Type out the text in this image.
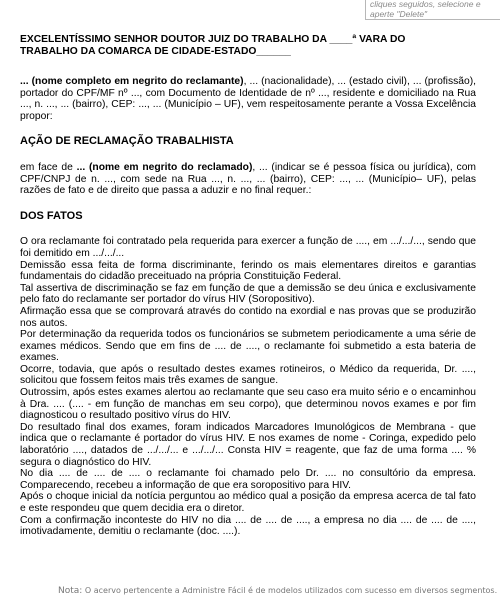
cliques seguidos, selecione e
aperte "Delete"

EXCELENTÍSSIMO SENHOR DOUTOR JUIZ DO TRABALHO DA ____ª VARA DO
TRABALHO DA COMARCA DE CIDADE-ESTADO______

... (nome completo em negrito do reclamante), ... (nacionalidade), ... (estado civil), ... (profissão), portador do CPF/MF nº ..., com Documento de Identidade de nº ..., residente e domiciliado na Rua ..., n. ..., ... (bairro), CEP: ..., ... (Município – UF), vem respeitosamente perante a Vossa Excelência propor:

AÇÃO DE RECLAMAÇÃO TRABALHISTA

em face de ... (nome em negrito do reclamado), ... (indicar se é pessoa física ou jurídica), com CPF/CNPJ de n. ..., com sede na Rua ..., n. ..., ... (bairro), CEP: ..., ... (Município– UF), pelas razões de fato e de direito que passa a aduzir e no final requer.:

DOS FATOS

O ora reclamante foi contratado pela requerida para exercer a função de ...., em .../.../..., sendo que foi demitido em .../.../...

Demissão essa feita de forma discriminante, ferindo os mais elementares direitos e garantias fundamentais do cidadão preceituado na própria Constituição Federal.

Tal assertiva de discriminação se faz em função de que a demissão se deu única e exclusivamente pelo fato do reclamante ser portador do vírus HIV (Soropositivo).

Afirmação essa que se comprovará através do contido na exordial e nas provas que se produzirão nos autos.

Por determinação da requerida todos os funcionários se submetem periodicamente a uma série de exames médicos. Sendo que em fins de .... de ...., o reclamante foi submetido a esta bateria de exames.

Ocorre, todavia, que após o resultado destes exames rotineiros, o Médico da requerida, Dr. ...., solicitou que fossem feitos mais três exames de sangue.

Outrossim, após estes exames alertou ao reclamante que seu caso era muito sério e o encaminhou à Dra. .... (.... - em função de manchas em seu corpo), que determinou novos exames e por fim diagnosticou o resultado positivo vírus do HIV.

Do resultado final dos exames, foram indicados Marcadores Imunológicos de Membrana - que indica que o reclamante é portador do vírus HIV. E nos exames de nome - Coringa, expedido pelo laboratório ...., datados de .../.../... e .../.../... Consta HIV = reagente, que faz de uma forma .... % segura o diagnóstico do HIV.

No dia .... de .... de .... o reclamante foi chamado pelo Dr. .... no consultório da empresa. Comparecendo, recebeu a informação de que era soropositivo para HIV.

Após o choque inicial da notícia perguntou ao médico qual a posição da empresa acerca de tal fato e este respondeu que quem decidia era o diretor.

Com a confirmação inconteste do HIV no dia .... de .... de ...., a empresa no dia .... de .... de ...., imotivadamente, demitiu o reclamante (doc. ....).

Nota: O acervo pertencente a Administre Fácil é de modelos utilizados com sucesso em diversos segmentos.
